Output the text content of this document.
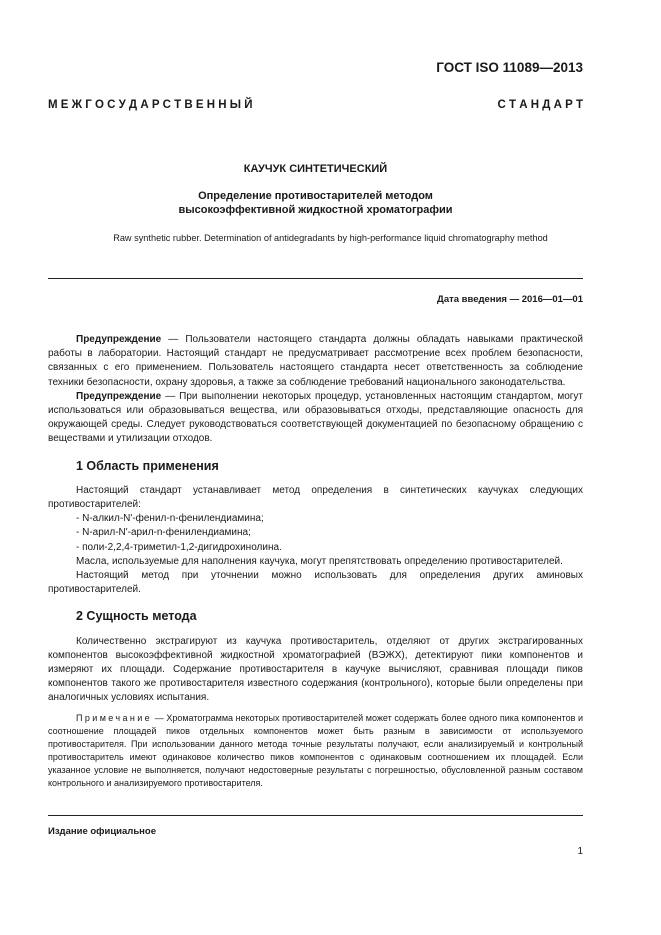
ГОСТ ISO 11089—2013
М Е Ж Г О С У Д А Р С Т В Е Н Н Ы Й	С Т А Н Д А Р Т
КАУЧУК СИНТЕТИЧЕСКИЙ
Определение противостарителей методом
высокоэффективной жидкостной хроматографии
Raw synthetic rubber. Determination of antidegradants by high-performance liquid chromatography method
Дата введения — 2016—01—01

Предупреждение — Пользователи настоящего стандарта должны обладать навыками практической работы в лаборатории. Настоящий стандарт не предусматривает рассмотрение всех проблем безопасности, связанных с его применением. Пользователь настоящего стандарта несет ответственность за соблюдение техники безопасности, охрану здоровья, а также за соблюдение требований национального законодательства.

Предупреждение — При выполнении некоторых процедур, установленных настоящим стандартом, могут использоваться или образовываться вещества, или образовываться отходы, представляющие опасность для окружающей среды. Следует руководствоваться соответствующей документацией по безопасному обращению с веществами и утилизации отходов.

1 Область применения

Настоящий стандарт устанавливает метод определения в синтетических каучуках следующих противостарителей:

- N-алкил-N'-фенил-n-фенилендиамина;
- N-арил-N'-арил-n-фенилендиамина;
- поли-2,2,4-триметил-1,2-дигидрохинолина.

Масла, используемые для наполнения каучука, могут препятствовать определению противостарителей.

Настоящий метод при уточнении можно использовать для определения других аминовых противостарителей.

2 Сущность метода

Количественно экстрагируют из каучука противостаритель, отделяют от других экстрагированных компонентов высокоэффективной жидкостной хроматографией (ВЭЖХ), детектируют пики компонентов и измеряют их площади. Содержание противостарителя в каучуке вычисляют, сравнивая площади пиков компонентов такого же противостарителя известного содержания (контрольного), которые были определены при аналогичных условиях испытания.

Примечание — Хроматограмма некоторых противостарителей может содержать более одного пика компонентов и соотношение площадей пиков отдельных компонентов может быть разным в зависимости от используемого противостарителя. При использовании данного метода точные результаты получают, если анализируемый и контрольный противостаритель имеют одинаковое количество пиков компонентов с одинаковым соотношением их площадей. Если указанное условие не выполняется, получают недостоверные результаты с погрешностью, обусловленной разным составом контрольного и анализируемого противостарителя.

Издание официальное
1
